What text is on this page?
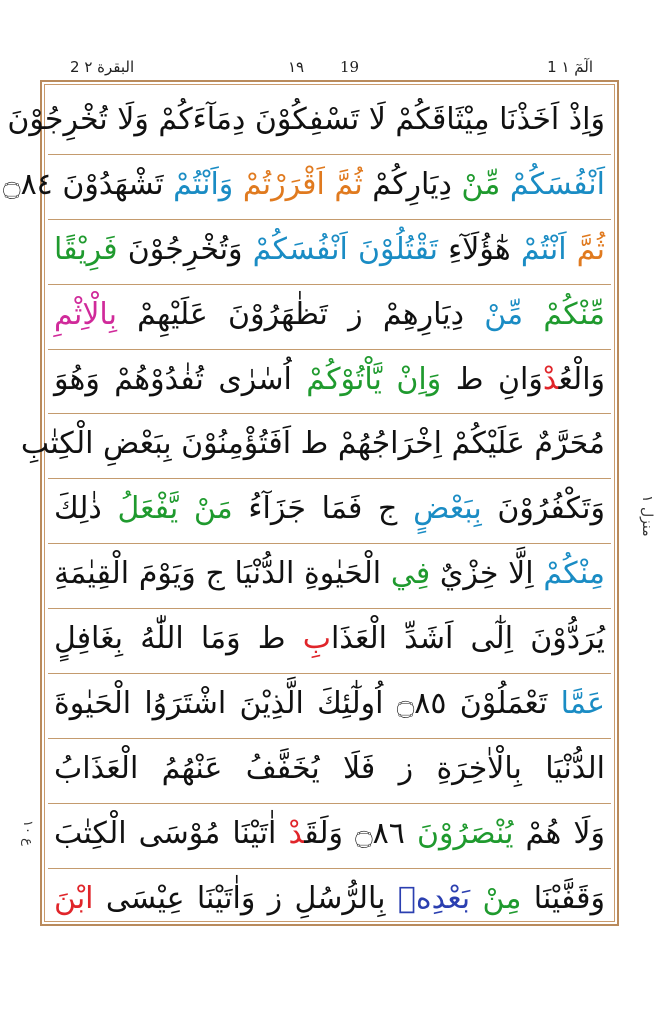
2 البقرة ٢	١٩ 19	1 الٓمٓ ١
وَاِذْ اَخَذْنَا مِيْثَاقَكُمْ لَا تَسْفِكُوْنَ دِمَآءَكُمْ وَلَا تُخْرِجُوْنَ
اَنْفُسَكُمْ مِّنْ دِيَارِكُمْ ثُمَّ اَقْرَرْتُمْ وَاَنْتُمْ تَشْهَدُوْنَ ۝٨٤
ثُمَّ اَنْتُمْ هٰٓؤُلَآءِ تَقْتُلُوْنَ اَنْفُسَكُمْ وَتُخْرِجُوْنَ فَرِيْقًا
مِّنْكُمْ مِّنْ دِيَارِهِمْ ز تَظٰهَرُوْنَ عَلَيْهِمْ بِالْاِثْمِ
وَالْعُدْوَانِ ط وَاِنْ يَّاْتُوْكُمْ اُسٰرٰى تُفٰدُوْهُمْ وَهُوَ
مُحَرَّمٌ عَلَيْكُمْ اِخْرَاجُهُمْ ط اَفَتُؤْمِنُوْنَ بِبَعْضِ الْكِتٰبِ
وَتَكْفُرُوْنَ بِبَعْضٍ ج فَمَا جَزَآءُ مَنْ يَّفْعَلُ ذٰلِكَ
مِنْكُمْ اِلَّا خِزْيٌ فِي الْحَيٰوةِ الدُّنْيَا ج وَيَوْمَ الْقِيٰمَةِ
يُرَدُّوْنَ اِلٰٓى اَشَدِّ الْعَذَابِ ط وَمَا اللّٰهُ بِغَافِلٍ
عَمَّا تَعْمَلُوْنَ ۝٨٥ اُولٰٓئِكَ الَّذِيْنَ اشْتَرَوُا الْحَيٰوةَ
الدُّنْيَا بِالْاٰخِرَةِ ز فَلَا يُخَفَّفُ عَنْهُمُ الْعَذَابُ
وَلَا هُمْ يُنْصَرُوْنَ ۝٨٦ وَلَقَدْ اٰتَيْنَا مُوْسَى الْكِتٰبَ
وَقَفَّيْنَا مِنْ بَعْدِهٖ بِالرُّسُلِ ز وَاٰتَيْنَا عِيْسَى ابْنَ
منزل ١
ع ١٠
